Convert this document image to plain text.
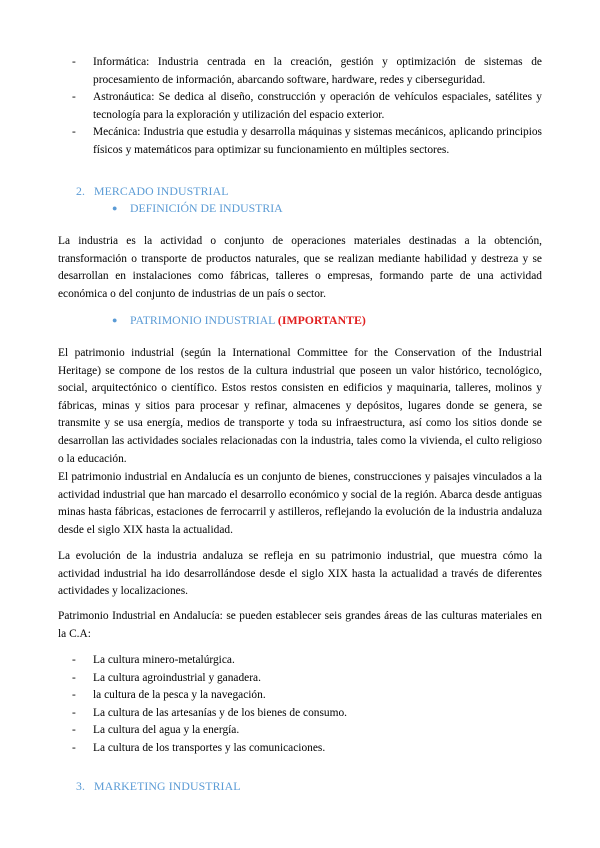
- Informática: Industria centrada en la creación, gestión y optimización de sistemas de procesamiento de información, abarcando software, hardware, redes y ciberseguridad.
- Astronáutica: Se dedica al diseño, construcción y operación de vehículos espaciales, satélites y tecnología para la exploración y utilización del espacio exterior.
- Mecánica: Industria que estudia y desarrolla máquinas y sistemas mecánicos, aplicando principios físicos y matemáticos para optimizar su funcionamiento en múltiples sectores.
2. MERCADO INDUSTRIAL
● DEFINICIÓN DE INDUSTRIA

La industria es la actividad o conjunto de operaciones materiales destinadas a la obtención, transformación o transporte de productos naturales, que se realizan mediante habilidad y destreza y se desarrollan en instalaciones como fábricas, talleres o empresas, formando parte de una actividad económica o del conjunto de industrias de un país o sector.

● PATRIMONIO INDUSTRIAL (IMPORTANTE)

El patrimonio industrial (según la International Committee for the Conservation of the Industrial Heritage) se compone de los restos de la cultura industrial que poseen un valor histórico, tecnológico, social, arquitectónico o científico. Estos restos consisten en edificios y maquinaria, talleres, molinos y fábricas, minas y sitios para procesar y refinar, almacenes y depósitos, lugares donde se genera, se transmite y se usa energía, medios de transporte y toda su infraestructura, así como los sitios donde se desarrollan las actividades sociales relacionadas con la industria, tales como la vivienda, el culto religioso o la educación.

El patrimonio industrial en Andalucía es un conjunto de bienes, construcciones y paisajes vinculados a la actividad industrial que han marcado el desarrollo económico y social de la región. Abarca desde antiguas minas hasta fábricas, estaciones de ferrocarril y astilleros, reflejando la evolución de la industria andaluza desde el siglo XIX hasta la actualidad.

La evolución de la industria andaluza se refleja en su patrimonio industrial, que muestra cómo la actividad industrial ha ido desarrollándose desde el siglo XIX hasta la actualidad a través de diferentes actividades y localizaciones.

Patrimonio Industrial en Andalucía: se pueden establecer seis grandes áreas de las culturas materiales en la C.A:

- La cultura minero-metalúrgica.
- La cultura agroindustrial y ganadera.
- la cultura de la pesca y la navegación.
- La cultura de las artesanías y de los bienes de consumo.
- La cultura del agua y la energía.
- La cultura de los transportes y las comunicaciones.
3. MARKETING INDUSTRIAL
